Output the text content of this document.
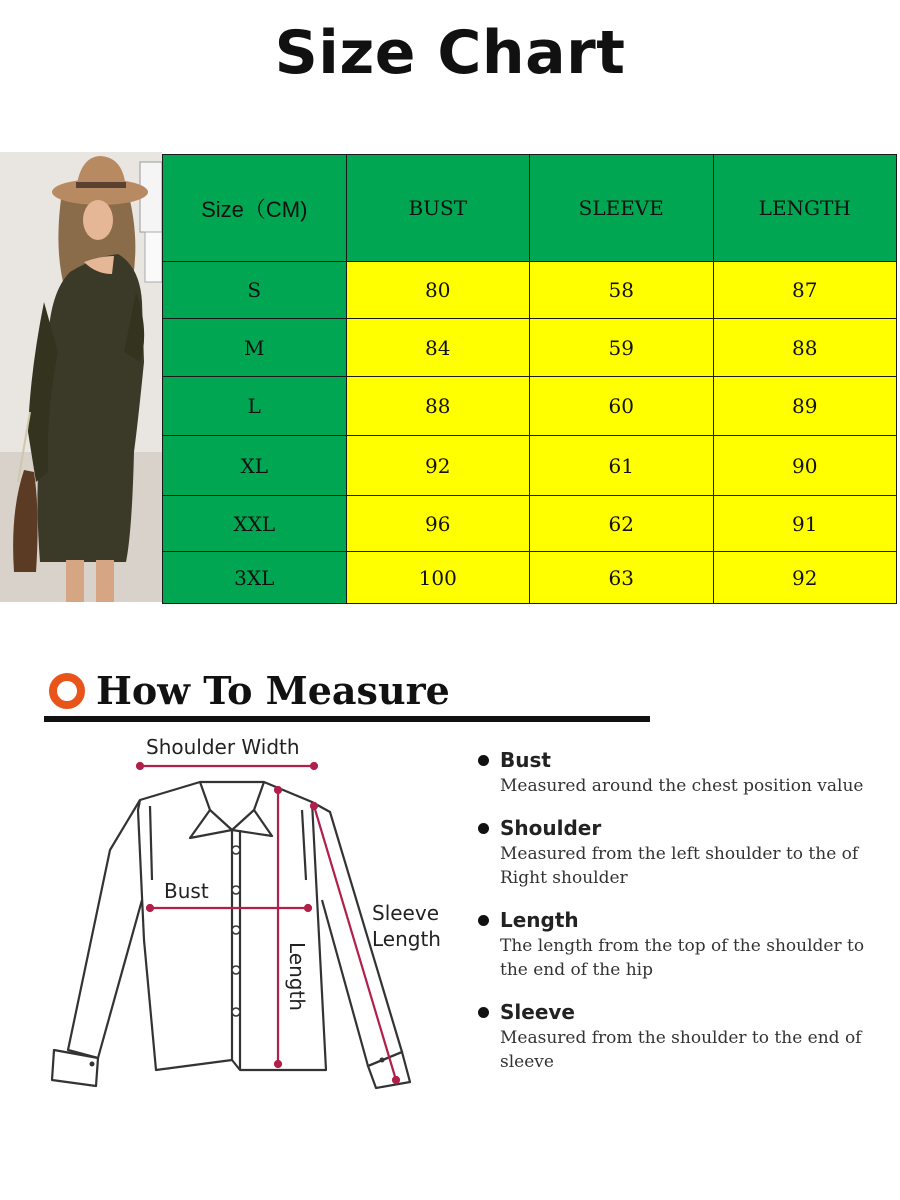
Size Chart
Size（CM)	BUST	SLEEVE	LENGTH
S	80	58	87
M	84	59	88
L	88	60	89
XL	92	61	90
XXL	96	62	91
3XL	100	63	92
How To Measure
Shoulder Width
Bust
Length
Sleeve
Length
Bust
Measured around the chest position value
Shoulder
Measured from the left shoulder to the of Right shoulder
Length
The length from the top of the shoulder to the end of the hip
Sleeve
Measured from the shoulder to the end of sleeve
